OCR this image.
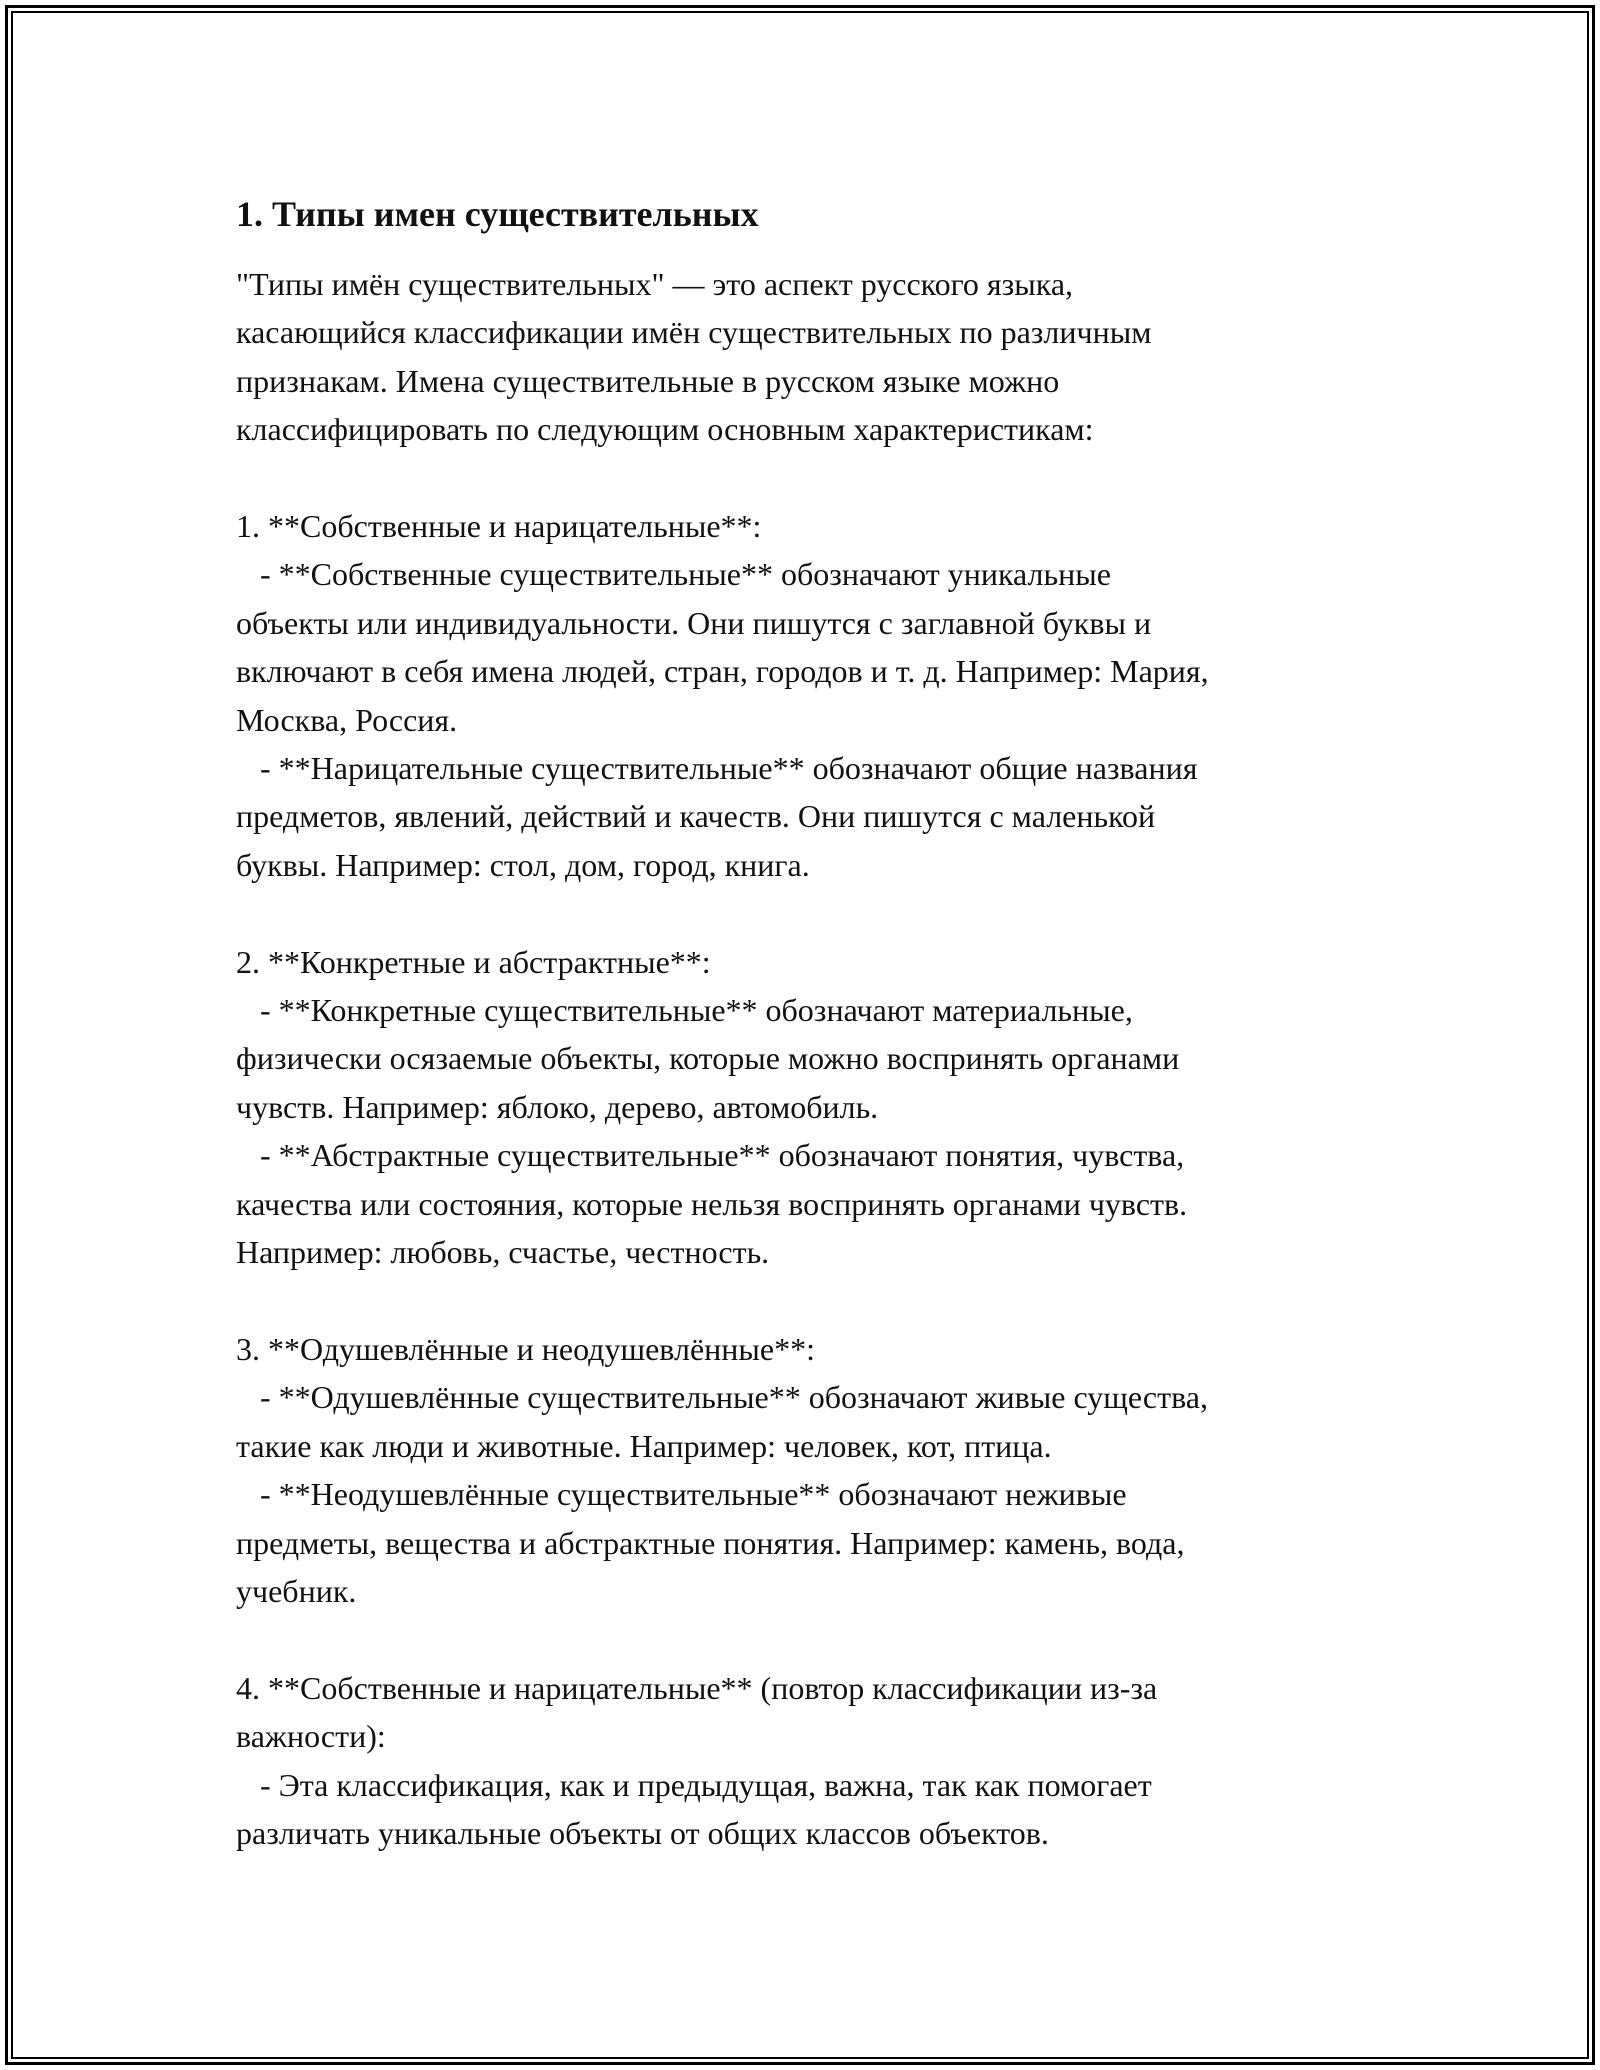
1. Типы имен существительных

"Типы имён существительных" — это аспект русского языка,
касающийся классификации имён существительных по различным
признакам. Имена существительные в русском языке можно
классифицировать по следующим основным характеристикам:

1. **Собственные и нарицательные**:

- **Собственные существительные** обозначают уникальные
объекты или индивидуальности. Они пишутся с заглавной буквы и
включают в себя имена людей, стран, городов и т. д. Например: Мария,
Москва, Россия.

- **Нарицательные существительные** обозначают общие названия
предметов, явлений, действий и качеств. Они пишутся с маленькой
буквы. Например: стол, дом, город, книга.

2. **Конкретные и абстрактные**:

- **Конкретные существительные** обозначают материальные,
физически осязаемые объекты, которые можно воспринять органами
чувств. Например: яблоко, дерево, автомобиль.

- **Абстрактные существительные** обозначают понятия, чувства,
качества или состояния, которые нельзя воспринять органами чувств.
Например: любовь, счастье, честность.

3. **Одушевлённые и неодушевлённые**:

- **Одушевлённые существительные** обозначают живые существа,
такие как люди и животные. Например: человек, кот, птица.

- **Неодушевлённые существительные** обозначают неживые
предметы, вещества и абстрактные понятия. Например: камень, вода,
учебник.

4. **Собственные и нарицательные** (повтор классификации из-за
важности):

- Эта классификация, как и предыдущая, важна, так как помогает
различать уникальные объекты от общих классов объектов.
